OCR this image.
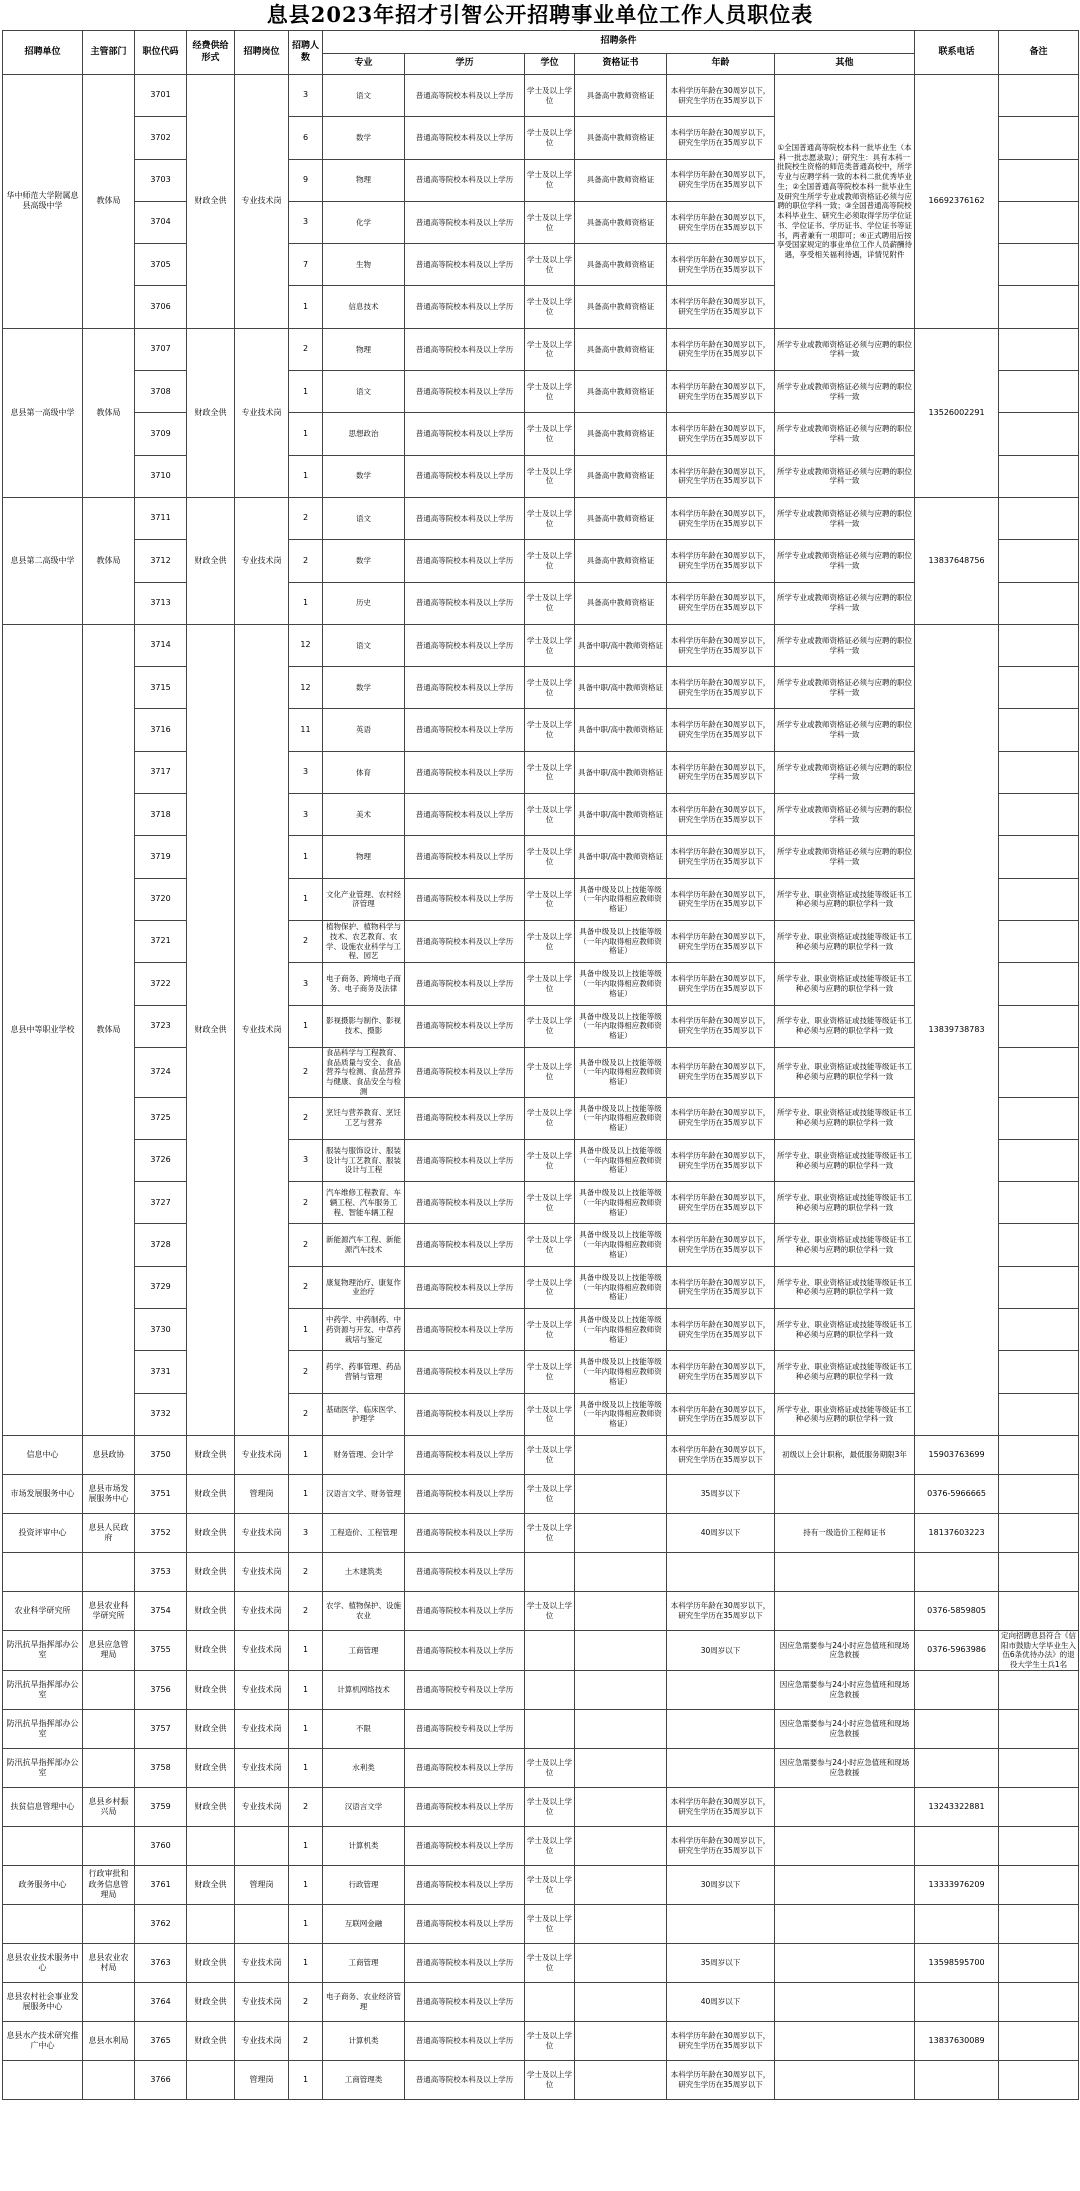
息县2023年招才引智公开招聘事业单位工作人员职位表
招聘单位	主管部门	职位代码	经费供给形式	招聘岗位	招聘人数	招聘条件						联系电话	备注
						专业	学历	学位	资格证书	年龄	其他		
华中师范大学附属息县高级中学	教体局	3701	财政全供	专业技术岗	3	语文	普通高等院校本科及以上学历	学士及以上学位	具备高中教师资格证	本科学历年龄在30周岁以下，研究生学历在35周岁以下	①全国普通高等院校本科一批毕业生（本科一批志愿录取）；研究生：具有本科一批院校生资格的师范类普通高校中，所学专业与应聘学科一致的本科二批优秀毕业生；②全国普通高等院校本科一批毕业生及研究生所学专业或教师资格证必须与应聘的职位学科一致；③全国普通高等院校本科毕业生、研究生必须取得学历学位证书、学位证书、学历证书、学位证书等证书，两者兼有一项即可；④正式聘用后按享受国家规定的事业单位工作人员薪酬待遇，享受相关福利待遇，详情见附件	16692376162	
		3702			6	数学	普通高等院校本科及以上学历	学士及以上学位	具备高中教师资格证	本科学历年龄在30周岁以下，研究生学历在35周岁以下			
		3703			9	物理	普通高等院校本科及以上学历	学士及以上学位	具备高中教师资格证	本科学历年龄在30周岁以下，研究生学历在35周岁以下			
		3704			3	化学	普通高等院校本科及以上学历	学士及以上学位	具备高中教师资格证	本科学历年龄在30周岁以下，研究生学历在35周岁以下			
		3705			7	生物	普通高等院校本科及以上学历	学士及以上学位	具备高中教师资格证	本科学历年龄在30周岁以下，研究生学历在35周岁以下			
		3706			1	信息技术	普通高等院校本科及以上学历	学士及以上学位	具备高中教师资格证	本科学历年龄在30周岁以下，研究生学历在35周岁以下			
息县第一高级中学	教体局	3707	财政全供	专业技术岗	2	物理	普通高等院校本科及以上学历	学士及以上学位	具备高中教师资格证	本科学历年龄在30周岁以下，研究生学历在35周岁以下	所学专业或教师资格证必须与应聘的职位学科一致	13526002291	
		3708			1	语文	普通高等院校本科及以上学历	学士及以上学位	具备高中教师资格证	本科学历年龄在30周岁以下，研究生学历在35周岁以下	所学专业或教师资格证必须与应聘的职位学科一致		
		3709			1	思想政治	普通高等院校本科及以上学历	学士及以上学位	具备高中教师资格证	本科学历年龄在30周岁以下，研究生学历在35周岁以下	所学专业或教师资格证必须与应聘的职位学科一致		
		3710			1	数学	普通高等院校本科及以上学历	学士及以上学位	具备高中教师资格证	本科学历年龄在30周岁以下，研究生学历在35周岁以下	所学专业或教师资格证必须与应聘的职位学科一致		
息县第二高级中学	教体局	3711	财政全供	专业技术岗	2	语文	普通高等院校本科及以上学历	学士及以上学位	具备高中教师资格证	本科学历年龄在30周岁以下，研究生学历在35周岁以下	所学专业或教师资格证必须与应聘的职位学科一致	13837648756	
		3712			2	数学	普通高等院校本科及以上学历	学士及以上学位	具备高中教师资格证	本科学历年龄在30周岁以下，研究生学历在35周岁以下	所学专业或教师资格证必须与应聘的职位学科一致		
		3713			1	历史	普通高等院校本科及以上学历	学士及以上学位	具备高中教师资格证	本科学历年龄在30周岁以下，研究生学历在35周岁以下	所学专业或教师资格证必须与应聘的职位学科一致		
息县中等职业学校	教体局	3714	财政全供	专业技术岗	12	语文	普通高等院校本科及以上学历	学士及以上学位	具备中职/高中教师资格证	本科学历年龄在30周岁以下，研究生学历在35周岁以下	所学专业或教师资格证必须与应聘的职位学科一致	13839738783	
		3715			12	数学	普通高等院校本科及以上学历	学士及以上学位	具备中职/高中教师资格证	本科学历年龄在30周岁以下，研究生学历在35周岁以下	所学专业或教师资格证必须与应聘的职位学科一致		
		3716			11	英语	普通高等院校本科及以上学历	学士及以上学位	具备中职/高中教师资格证	本科学历年龄在30周岁以下，研究生学历在35周岁以下	所学专业或教师资格证必须与应聘的职位学科一致		
		3717			3	体育	普通高等院校本科及以上学历	学士及以上学位	具备中职/高中教师资格证	本科学历年龄在30周岁以下，研究生学历在35周岁以下	所学专业或教师资格证必须与应聘的职位学科一致		
		3718			3	美术	普通高等院校本科及以上学历	学士及以上学位	具备中职/高中教师资格证	本科学历年龄在30周岁以下，研究生学历在35周岁以下	所学专业或教师资格证必须与应聘的职位学科一致		
		3719			1	物理	普通高等院校本科及以上学历	学士及以上学位	具备中职/高中教师资格证	本科学历年龄在30周岁以下，研究生学历在35周岁以下	所学专业或教师资格证必须与应聘的职位学科一致		
		3720			1	文化产业管理、农村经济管理	普通高等院校本科及以上学历	学士及以上学位	具备中级及以上技能等级（一年内取得相应教师资格证）	本科学历年龄在30周岁以下，研究生学历在35周岁以下	所学专业、职业资格证或技能等级证书工种必须与应聘的职位学科一致		
		3721			2	植物保护、植物科学与技术、农艺教育、农学、设施农业科学与工程、园艺	普通高等院校本科及以上学历	学士及以上学位	具备中级及以上技能等级（一年内取得相应教师资格证）	本科学历年龄在30周岁以下，研究生学历在35周岁以下	所学专业、职业资格证或技能等级证书工种必须与应聘的职位学科一致		
		3722			3	电子商务、跨境电子商务、电子商务及法律	普通高等院校本科及以上学历	学士及以上学位	具备中级及以上技能等级（一年内取得相应教师资格证）	本科学历年龄在30周岁以下，研究生学历在35周岁以下	所学专业、职业资格证或技能等级证书工种必须与应聘的职位学科一致		
		3723			1	影视摄影与制作、影视技术、摄影	普通高等院校本科及以上学历	学士及以上学位	具备中级及以上技能等级（一年内取得相应教师资格证）	本科学历年龄在30周岁以下，研究生学历在35周岁以下	所学专业、职业资格证或技能等级证书工种必须与应聘的职位学科一致		
		3724			2	食品科学与工程教育、食品质量与安全、食品营养与检测、食品营养与健康、食品安全与检测	普通高等院校本科及以上学历	学士及以上学位	具备中级及以上技能等级（一年内取得相应教师资格证）	本科学历年龄在30周岁以下，研究生学历在35周岁以下	所学专业、职业资格证或技能等级证书工种必须与应聘的职位学科一致		
		3725			2	烹饪与营养教育、烹饪工艺与营养	普通高等院校本科及以上学历	学士及以上学位	具备中级及以上技能等级（一年内取得相应教师资格证）	本科学历年龄在30周岁以下，研究生学历在35周岁以下	所学专业、职业资格证或技能等级证书工种必须与应聘的职位学科一致		
		3726			3	服装与服饰设计、服装设计与工艺教育、服装设计与工程	普通高等院校本科及以上学历	学士及以上学位	具备中级及以上技能等级（一年内取得相应教师资格证）	本科学历年龄在30周岁以下，研究生学历在35周岁以下	所学专业、职业资格证或技能等级证书工种必须与应聘的职位学科一致		
		3727			2	汽车维修工程教育、车辆工程、汽车服务工程、智能车辆工程	普通高等院校本科及以上学历	学士及以上学位	具备中级及以上技能等级（一年内取得相应教师资格证）	本科学历年龄在30周岁以下，研究生学历在35周岁以下	所学专业、职业资格证或技能等级证书工种必须与应聘的职位学科一致		
		3728			2	新能源汽车工程、新能源汽车技术	普通高等院校本科及以上学历	学士及以上学位	具备中级及以上技能等级（一年内取得相应教师资格证）	本科学历年龄在30周岁以下，研究生学历在35周岁以下	所学专业、职业资格证或技能等级证书工种必须与应聘的职位学科一致		
		3729			2	康复物理治疗、康复作业治疗	普通高等院校本科及以上学历	学士及以上学位	具备中级及以上技能等级（一年内取得相应教师资格证）	本科学历年龄在30周岁以下，研究生学历在35周岁以下	所学专业、职业资格证或技能等级证书工种必须与应聘的职位学科一致		
		3730			1	中药学、中药制药、中药资源与开发、中草药栽培与鉴定	普通高等院校本科及以上学历	学士及以上学位	具备中级及以上技能等级（一年内取得相应教师资格证）	本科学历年龄在30周岁以下，研究生学历在35周岁以下	所学专业、职业资格证或技能等级证书工种必须与应聘的职位学科一致		
		3731			2	药学、药事管理、药品营销与管理	普通高等院校本科及以上学历	学士及以上学位	具备中级及以上技能等级（一年内取得相应教师资格证）	本科学历年龄在30周岁以下，研究生学历在35周岁以下	所学专业、职业资格证或技能等级证书工种必须与应聘的职位学科一致		
		3732			2	基础医学、临床医学、护理学	普通高等院校本科及以上学历	学士及以上学位	具备中级及以上技能等级（一年内取得相应教师资格证）	本科学历年龄在30周岁以下，研究生学历在35周岁以下	所学专业、职业资格证或技能等级证书工种必须与应聘的职位学科一致		
信息中心	息县政协	3750	财政全供	专业技术岗	1	财务管理、会计学	普通高等院校本科及以上学历	学士及以上学位		本科学历年龄在30周岁以下，研究生学历在35周岁以下	初级以上会计职称，最低服务期限3年	15903763699	
市场发展服务中心	息县市场发展服务中心	3751	财政全供	管理岗	1	汉语言文学、财务管理	普通高等院校本科及以上学历	学士及以上学位		35周岁以下		0376-5966665	
投资评审中心	息县人民政府	3752	财政全供	专业技术岗	3	工程造价、工程管理	普通高等院校本科及以上学历	学士及以上学位		40周岁以下	持有一级造价工程师证书	18137603223	
		3753	财政全供	专业技术岗	2	土木建筑类	普通高等院校本科及以上学历						
农业科学研究所	息县农业科学研究所	3754	财政全供	专业技术岗	2	农学、植物保护、设施农业	普通高等院校本科及以上学历	学士及以上学位		本科学历年龄在30周岁以下，研究生学历在35周岁以下		0376-5859805	
防汛抗旱指挥部办公室	息县应急管理局	3755	财政全供	专业技术岗	1	工商管理	普通高等院校本科及以上学历			30周岁以下	因应急需要参与24小时应急值班和现场应急救援	0376-5963986	定向招聘息县符合《信阳市鼓励大学毕业生入伍6条优待办法》的退役大学生士兵1名
防汛抗旱指挥部办公室		3756	财政全供	专业技术岗	1	计算机网络技术	普通高等院校专科及以上学历				因应急需要参与24小时应急值班和现场应急救援		
防汛抗旱指挥部办公室		3757	财政全供	专业技术岗	1	不限	普通高等院校专科及以上学历				因应急需要参与24小时应急值班和现场应急救援		
防汛抗旱指挥部办公室		3758	财政全供	专业技术岗	1	水利类	普通高等院校本科及以上学历	学士及以上学位			因应急需要参与24小时应急值班和现场应急救援		
扶贫信息管理中心	息县乡村振兴局	3759	财政全供	专业技术岗	2	汉语言文学	普通高等院校本科及以上学历	学士及以上学位		本科学历年龄在30周岁以下，研究生学历在35周岁以下		13243322881	
		3760			1	计算机类	普通高等院校本科及以上学历	学士及以上学位		本科学历年龄在30周岁以下，研究生学历在35周岁以下			
政务服务中心	行政审批和政务信息管理局	3761	财政全供	管理岗	1	行政管理	普通高等院校本科及以上学历	学士及以上学位		30周岁以下		13333976209	
		3762			1	互联网金融	普通高等院校本科及以上学历	学士及以上学位					
息县农业技术服务中心	息县农业农村局	3763	财政全供	专业技术岗	1	工商管理	普通高等院校本科及以上学历	学士及以上学位		35周岁以下		13598595700	
息县农村社会事业发展服务中心		3764	财政全供	专业技术岗	2	电子商务、农业经济管理	普通高等院校本科及以上学历			40周岁以下			
息县水产技术研究推广中心	息县水利局	3765	财政全供	专业技术岗	2	计算机类	普通高等院校本科及以上学历	学士及以上学位		本科学历年龄在30周岁以下，研究生学历在35周岁以下		13837630089	
		3766		管理岗	1	工商管理类	普通高等院校本科及以上学历	学士及以上学位		本科学历年龄在30周岁以下，研究生学历在35周岁以下			
